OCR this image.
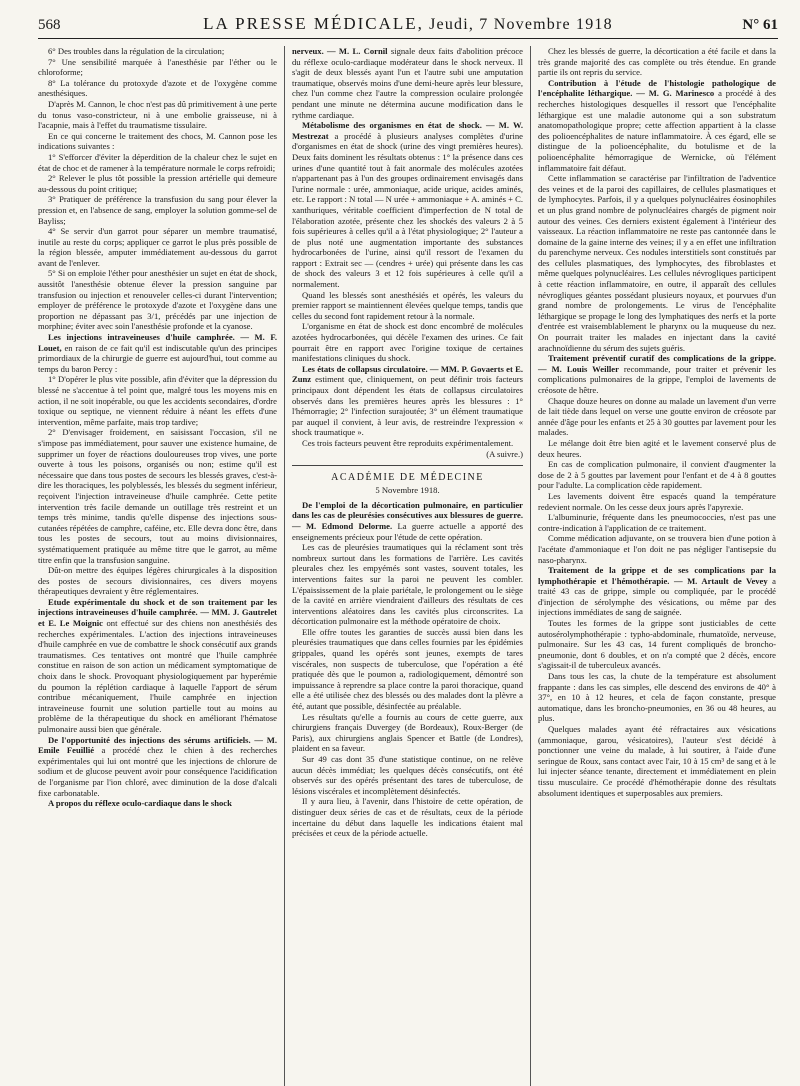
568	LA PRESSE MÉDICALE, Jeudi, 7 Novembre 1918	N° 61

6° Des troubles dans la régulation de la circulation;

7° Une sensibilité marquée à l'anesthésie par l'éther ou le chloroforme;

8° La tolérance du protoxyde d'azote et de l'oxygène comme anesthésiques.

D'après M. Cannon, le choc n'est pas dû primitivement à une perte du tonus vaso-constricteur, ni à une embolie graisseuse, ni à l'acapnie, mais à l'effet du traumatisme tissulaire.

En ce qui concerne le traitement des chocs, M. Cannon pose les indications suivantes :

1° S'efforcer d'éviter la déperdition de la chaleur chez le sujet en état de choc et de ramener à la température normale le corps refroidi;

2° Relever le plus tôt possible la pression artérielle qui demeure au-dessous du point critique;

3° Pratiquer de préférence la transfusion du sang pour élever la pression et, en l'absence de sang, employer la solution gomme-sel de Bayliss;

4° Se servir d'un garrot pour séparer un membre traumatisé, inutile au reste du corps; appliquer ce garrot le plus près possible de la région blessée, amputer immédiatement au-dessous du garrot avant de l'enlever.

5° Si on emploie l'éther pour anesthésier un sujet en état de shock, aussitôt l'anesthésie obtenue élever la pression sanguine par transfusion ou injection et renouveler celles-ci durant l'intervention; employer de préférence le protoxyde d'azote et l'oxygène dans une proportion ne dépassant pas 3/1, précédés par une injection de morphine; éviter avec soin l'anesthésie profonde et la cyanose.

Les injections intraveineuses d'huile camphrée. — M. F. Louet, en raison de ce fait qu'il est indiscutable qu'un des principes primordiaux de la chirurgie de guerre est aujourd'hui, tout comme au temps du baron Percy :

1° D'opérer le plus vite possible, afin d'éviter que la dépression du blessé ne s'accentue à tel point que, malgré tous les moyens mis en action, il ne soit inopérable, ou que les accidents secondaires, d'ordre toxique ou septique, ne viennent réduire à néant les effets d'une intervention, même parfaite, mais trop tardive;

2° D'envisager froidement, en saisissant l'occasion, s'il ne s'impose pas immédiatement, pour sauver une existence humaine, de supprimer un foyer de réactions douloureuses trop vives, une porte ouverte à tous les poisons, organisés ou non; estime qu'il est nécessaire que dans tous postes de secours les blessés graves, c'est-à-dire les thoraciques, les polyblessés, les blessés du segment inférieur, reçoivent l'injection intraveineuse d'huile camphrée. Cette petite intervention très facile demande un outillage très restreint et un temps très minime, tandis qu'elle dispense des injections sous-cutanées répétées de camphre, caféine, etc. Elle devra donc être, dans tous les postes de secours, tout au moins divisionnaires, systématiquement pratiquée au même titre que le garrot, au même titre enfin que la transfusion sanguine.

Dût-on mettre des équipes légères chirurgicales à la disposition des postes de secours divisionnaires, ces divers moyens thérapeutiques devraient y être réglementaires.

Etude expérimentale du shock et de son traitement par les injections intraveineuses d'huile camphrée. — MM. J. Gautrelet et E. Le Moignic ont effectué sur des chiens non anesthésiés des recherches expérimentales. L'action des injections intraveineuses d'huile camphrée en vue de combattre le shock consécutif aux grands traumatismes. Ces tentatives ont montré que l'huile camphrée constitue en raison de son action un médicament symptomatique de choix dans le shock. Provoquant physiologiquement par hyperémie du poumon la réplétion cardiaque à laquelle l'apport de sérum contribue mécaniquement, l'huile camphrée en injection intraveineuse fournit une solution partielle tout au moins au problème de la thérapeutique du shock en améliorant l'hématose pulmonaire aussi bien que générale.

De l'opportunité des injections des sérums artificiels. — M. Emile Feuillié a procédé chez le chien à des recherches expérimentales qui lui ont montré que les injections de chlorure de sodium et de glucose peuvent avoir pour conséquence l'acidification de l'organisme par l'ion chloré, avec diminution de la dose d'alcali fixe carbonatable.

A propos du réflexe oculo-cardiaque dans le shock

nerveux. — M. L. Cornil signale deux faits d'abolition précoce du réflexe oculo-cardiaque modérateur dans le shock nerveux. Il s'agit de deux blessés ayant l'un et l'autre subi une amputation traumatique, observés moins d'une demi-heure après leur blessure, chez l'un comme chez l'autre la compression oculaire prolongée pendant une minute ne détermina aucune modification dans le rythme cardiaque.

Métabolisme des organismes en état de shock. — M. W. Mestrezat a procédé à plusieurs analyses complètes d'urine d'organismes en état de shock (urine des vingt premières heures). Deux faits dominent les résultats obtenus : 1° la présence dans ces urines d'une quantité tout à fait anormale des molécules azotées n'appartenant pas à l'un des groupes ordinairement envisagés dans l'urine normale : urée, ammoniaque, acide urique, acides aminés, etc. Le rapport : N total — N urée + ammoniaque + A. aminés + C. xanthuriques, véritable coefficient d'imperfection de N total de l'élaboration azotée, présente chez les shockés des valeurs 2 à 5 fois supérieures à celles qu'il a à l'état physiologique; 2° l'auteur a de plus noté une augmentation importante des substances hydrocarbonées de l'urine, ainsi qu'il ressort de l'examen du rapport : Extrait sec — (cendres + urée) qui présente dans les cas de shock des valeurs 3 et 12 fois supérieures à celle qu'il a normalement.

Quand les blessés sont anesthésiés et opérés, les valeurs du premier rapport se maintiennent élevées quelque temps, tandis que celles du second font rapidement retour à la normale.

L'organisme en état de shock est donc encombré de molécules azotées hydrocarbonées, qui décèle l'examen des urines. Ce fait pourrait être en rapport avec l'origine toxique de certaines manifestations cliniques du shock.

Les états de collapsus circulatoire. — MM. P. Govaerts et E. Zunz estiment que, cliniquement, on peut définir trois facteurs principaux dont dépendent les états de collapsus circulatoires observés dans les premières heures après les blessures : 1° l'hémorragie; 2° l'infection surajoutée; 3° un élément traumatique par auquel il convient, à leur avis, de restreindre l'expression « shock traumatique ».

Ces trois facteurs peuvent être reproduits expérimentalement.

(A suivre.)

ACADÉMIE DE MÉDECINE

5 Novembre 1918.

De l'emploi de la décortication pulmonaire, en particulier dans les cas de pleurésies consécutives aux blessures de guerre. — M. Edmond Delorme. La guerre actuelle a apporté des enseignements précieux pour l'étude de cette opération.

Les cas de pleurésies traumatiques qui la réclament sont très nombreux surtout dans les formations de l'arrière. Les cavités pleurales chez les empyémés sont vastes, souvent totales, les interventions faites sur la paroi ne peuvent les combler. L'épaississement de la plaie pariétale, le prolongement ou le siège de la cavité en arrière viendraient d'ailleurs des résultats de ces interventions aléatoires dans les cavités plus circonscrites. La décortication pulmonaire est la méthode opératoire de choix.

Elle offre toutes les garanties de succès aussi bien dans les pleurésies traumatiques que dans celles fournies par les épidémies grippales, quand les opérés sont jeunes, exempts de tares viscérales, non suspects de tuberculose, que l'opération a été pratiquée dès que le poumon a, radiologiquement, démontré son impuissance à reprendre sa place contre la paroi thoracique, quand elle a été utilisée chez des blessés ou des malades dont la plèvre a été, autant que possible, désinfectée au préalable.

Les résultats qu'elle a fournis au cours de cette guerre, aux chirurgiens français Duvergey (de Bordeaux), Roux-Berger (de Paris), aux chirurgiens anglais Spencer et Battle (de Londres), plaident en sa faveur.

Sur 49 cas dont 35 d'une statistique continue, on ne relève aucun décès immédiat; les quelques décès consécutifs, ont été observés sur des opérés présentant des tares de tuberculose, de lésions viscérales et incomplètement désinfectés.

Il y aura lieu, à l'avenir, dans l'histoire de cette opération, de distinguer deux séries de cas et de résultats, ceux de la période incertaine du début dans laquelle les indications étaient mal précisées et ceux de la période actuelle.

Chez les blessés de guerre, la décortication a été facile et dans la très grande majorité des cas complète ou très étendue. En grande partie ils ont repris du service.

Contribution à l'étude de l'histologie pathologique de l'encéphalite léthargique. — M. G. Marinesco a procédé à des recherches histologiques desquelles il ressort que l'encéphalite léthargique est une maladie autonome qui a son substratum anatomopathologique propre; cette affection appartient à la classe des polioencéphalites de nature inflammatoire. À ces égard, elle se distingue de la polioencéphalite, du botulisme et de la polioencéphalite hémorragique de Wernicke, où l'élément inflammatoire fait défaut.

Cette inflammation se caractérise par l'infiltration de l'adventice des veines et de la paroi des capillaires, de cellules plasmatiques et de lymphocytes. Parfois, il y a quelques polynucléaires éosinophiles et un plus grand nombre de polynucléaires chargés de pigment noir autour des veines. Ces derniers existent également à l'intérieur des vaisseaux. La réaction inflammatoire ne reste pas cantonnée dans le domaine de la gaine interne des veines; il y a en effet une infiltration du parenchyme nerveux. Ces nodules interstitiels sont constitués par des cellules plasmatiques, des lymphocytes, des fibroblastes et même quelques polynucléaires. Les cellules névrogliques participent à cette réaction inflammatoire, en outre, il apparaît des cellules névrogliques géantes possédant plusieurs noyaux, et pourvues d'un grand nombre de prolongements. Le virus de l'encéphalite léthargique se propage le long des lymphatiques des nerfs et la porte d'entrée est vraisemblablement le pharynx ou la muqueuse du nez. On pourrait traiter les malades en injectant dans la cavité arachnoïdienne du sérum des sujets guéris.

Traitement préventif curatif des complications de la grippe. — M. Louis Weiller recommande, pour traiter et prévenir les complications pulmonaires de la grippe, l'emploi de lavements de créosote de hêtre.

Chaque douze heures on donne au malade un lavement d'un verre de lait tiède dans lequel on verse une goutte environ de créosote par année d'âge pour les enfants et 25 à 30 gouttes par lavement pour les malades.

Le mélange doit être bien agité et le lavement conservé plus de deux heures.

En cas de complication pulmonaire, il convient d'augmenter la dose de 2 à 5 gouttes par lavement pour l'enfant et de 4 à 8 gouttes pour l'adulte. La complication cède rapidement.

Les lavements doivent être espacés quand la température redevient normale. On les cesse deux jours après l'apyrexie.

L'albuminurie, fréquente dans les pneumococcies, n'est pas une contre-indication à l'application de ce traitement.

Comme médication adjuvante, on se trouvera bien d'une potion à l'acétate d'ammoniaque et l'on doit ne pas négliger l'antisepsie du naso-pharynx.

Traitement de la grippe et de ses complications par la lymphothérapie et l'hémothérapie. — M. Artault de Vevey a traité 43 cas de grippe, simple ou compliquée, par le procédé d'injection de sérolymphe des vésications, ou même par des injections immédiates de sang de saignée.

Toutes les formes de la grippe sont justiciables de cette autosérolymphothérapie : typho-abdominale, rhumatoïde, nerveuse, pulmonaire. Sur les 43 cas, 14 furent compliqués de broncho-pneumonie, dont 6 doubles, et on n'a compté que 2 décès, encore s'agissait-il de tuberculeux avancés.

Dans tous les cas, la chute de la température est absolument frappante : dans les cas simples, elle descend des environs de 40° à 37°, en 10 à 12 heures, et cela de façon constante, presque automatique, dans les broncho-pneumonies, en 36 ou 48 heures, au plus.

Quelques malades ayant été réfractaires aux vésications (ammoniaque, garou, vésicatoires), l'auteur s'est décidé à ponctionner une veine du malade, à lui soutirer, à l'aide d'une seringue de Roux, sans contact avec l'air, 10 à 15 cm³ de sang et à le lui injecter séance tenante, directement et immédiatement en plein tissu musculaire. Ce procédé d'hémothérapie donne des résultats absolument identiques et superposables aux premiers.
